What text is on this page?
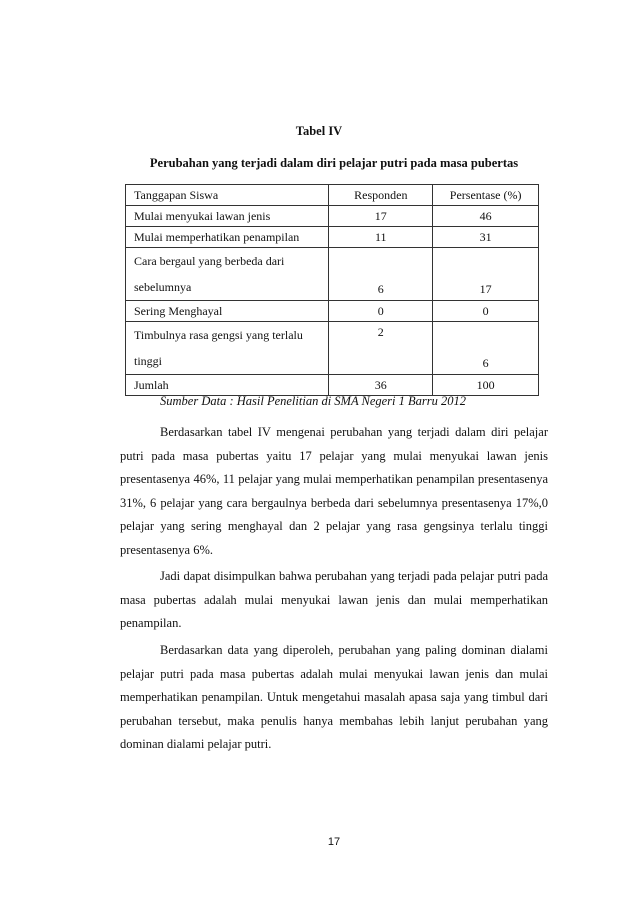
Tabel IV
Perubahan yang terjadi dalam diri pelajar putri pada masa pubertas
Tanggapan Siswa	Responden	Persentase (%)
Mulai menyukai lawan jenis	17	46
Mulai memperhatikan penampilan	11	31

Cara bergaul yang berbeda dari
sebelumnya	6	17
Sering Menghayal	0	0

Timbulnya rasa gengsi yang terlalu
tinggi	2	6
Jumlah	36	100
Sumber Data : Hasil Penelitian di SMA Negeri 1 Barru 2012

Berdasarkan tabel IV mengenai perubahan yang terjadi dalam diri pelajar putri pada masa pubertas yaitu 17 pelajar yang mulai menyukai lawan jenis presentasenya 46%, 11 pelajar yang mulai memperhatikan penampilan presentasenya 31%, 6 pelajar yang cara bergaulnya berbeda dari sebelumnya presentasenya 17%,0 pelajar yang sering menghayal dan 2 pelajar yang rasa gengsinya terlalu tinggi presentasenya 6%.

Jadi dapat disimpulkan bahwa perubahan yang terjadi pada pelajar putri pada masa pubertas adalah mulai menyukai lawan jenis dan mulai memperhatikan penampilan.

Berdasarkan data yang diperoleh, perubahan yang paling dominan dialami pelajar putri pada masa pubertas adalah mulai menyukai lawan jenis dan mulai memperhatikan penampilan. Untuk mengetahui masalah apasa saja yang timbul dari perubahan tersebut, maka penulis hanya membahas lebih lanjut perubahan yang dominan dialami pelajar putri.

17
